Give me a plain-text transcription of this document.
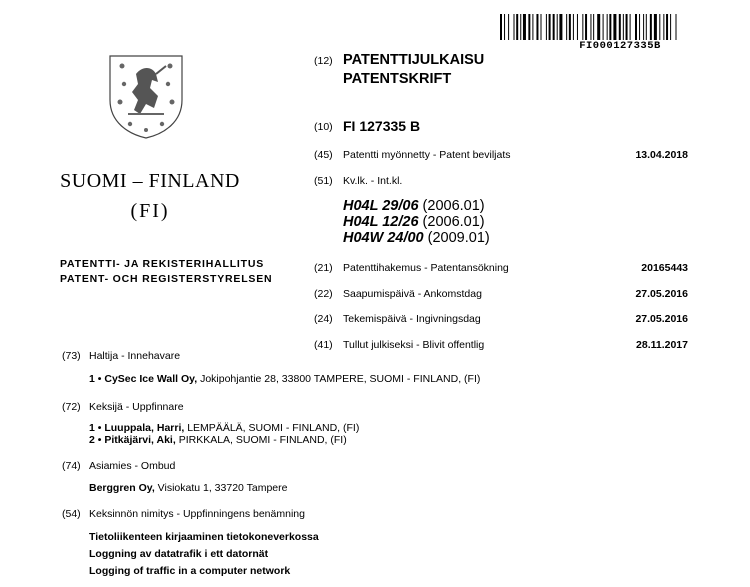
FI000127335B
SUOMI – FINLAND
(FI)
PATENTTI- JA REKISTERIHALLITUS
PATENT- OCH REGISTERSTYRELSEN
(12) PATENTTIJULKAISU
PATENTSKRIFT
(10) FI 127335 B
(45) Patentti myönnetty - Patent beviljats	13.04.2018
(51) Kv.lk. - Int.kl.
H04L 29/06 (2006.01)
H04L 12/26 (2006.01)
H04W 24/00 (2009.01)
(21) Patenttihakemus - Patentansökning	20165443
(22) Saapumispäivä - Ankomstdag	27.05.2016
(24) Tekemispäivä - Ingivningsdag	27.05.2016
(41) Tullut julkiseksi - Blivit offentlig	28.11.2017
(73) Haltija - Innehavare
1 • CySec Ice Wall Oy, Jokipohjantie 28, 33800 TAMPERE, SUOMI - FINLAND, (FI)
(72) Keksijä - Uppfinnare
1 • Luuppala, Harri, LEMPÄÄLÄ, SUOMI - FINLAND, (FI)
2 • Pitkäjärvi, Aki, PIRKKALA, SUOMI - FINLAND, (FI)
(74) Asiamies - Ombud
Berggren Oy, Visiokatu 1, 33720 Tampere
(54) Keksinnön nimitys - Uppfinningens benämning
Tietoliikenteen kirjaaminen tietokoneverkossa
Loggning av datatrafik i ett datornät
Logging of traffic in a computer network
